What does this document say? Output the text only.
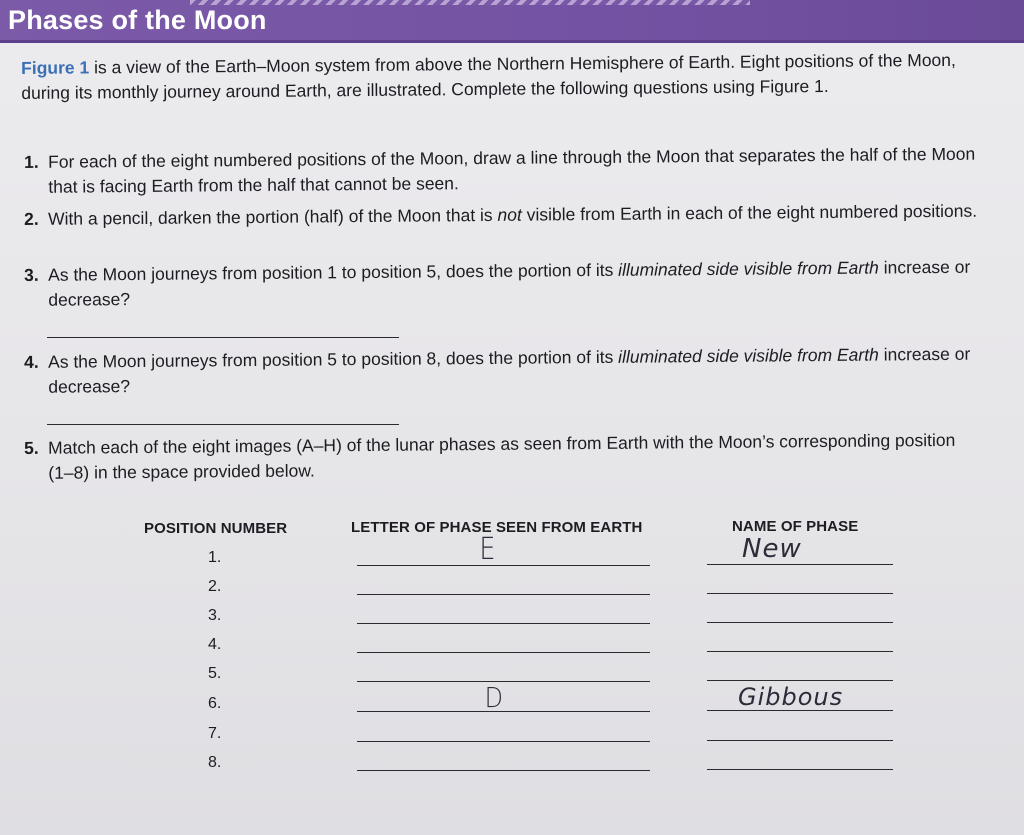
Phases of the Moon
Figure 1 is a view of the Earth–Moon system from above the Northern Hemisphere of Earth. Eight positions of the Moon, during its monthly journey around Earth, are illustrated. Complete the following questions using Figure 1.
1. For each of the eight numbered positions of the Moon, draw a line through the Moon that separates the half of the Moon that is facing Earth from the half that cannot be seen.
2. With a pencil, darken the portion (half) of the Moon that is not visible from Earth in each of the eight numbered positions.
3. As the Moon journeys from position 1 to position 5, does the portion of its illuminated side visible from Earth increase or decrease?
4. As the Moon journeys from position 5 to position 8, does the portion of its illuminated side visible from Earth increase or decrease?
5. Match each of the eight images (A–H) of the lunar phases as seen from Earth with the Moon’s corresponding position (1–8) in the space provided below.
POSITION NUMBER	LETTER OF PHASE SEEN FROM EARTH	NAME OF PHASE
1.	E	New
2.
3.
4.
5.
6.	D	Gibbous
7.
8.
